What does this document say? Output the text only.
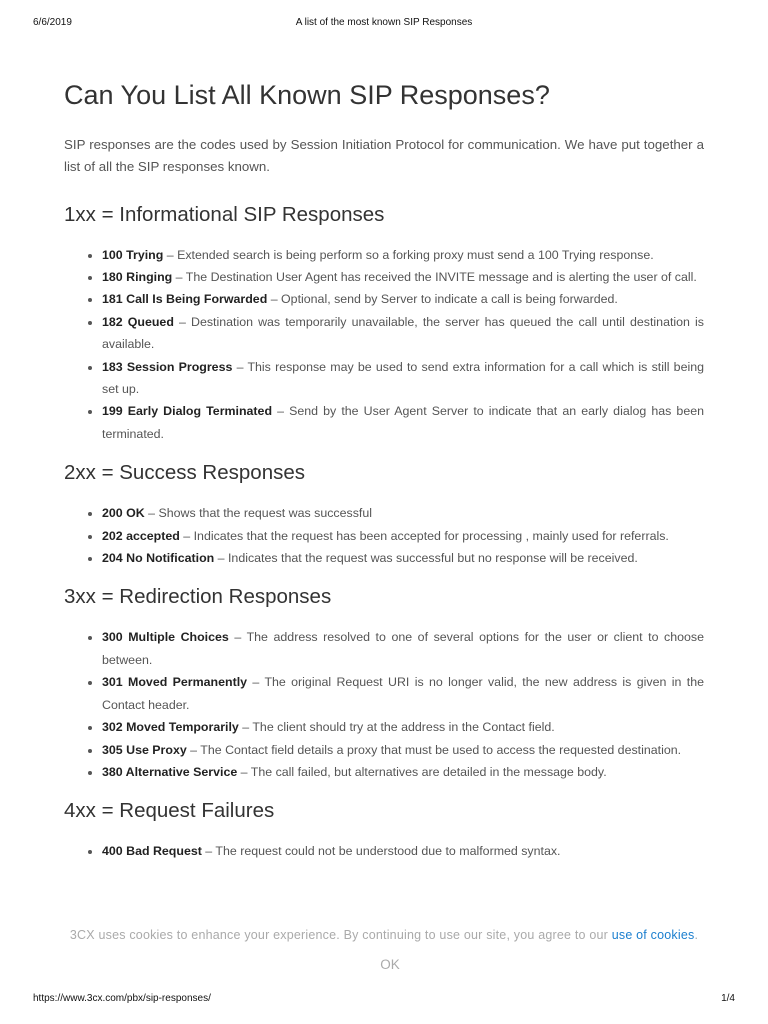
6/6/2019	A list of the most known SIP Responses
Can You List All Known SIP Responses?

SIP responses are the codes used by Session Initiation Protocol for communication. We have put together a list of all the SIP responses known.

1xx = Informational SIP Responses
• 100 Trying – Extended search is being perform so a forking proxy must send a 100 Trying response.
• 180 Ringing – The Destination User Agent has received the INVITE message and is alerting the user of call.
• 181 Call Is Being Forwarded – Optional, send by Server to indicate a call is being forwarded.
• 182 Queued – Destination was temporarily unavailable, the server has queued the call until destination is available.
• 183 Session Progress – This response may be used to send extra information for a call which is still being set up.
• 199 Early Dialog Terminated – Send by the User Agent Server to indicate that an early dialog has been terminated.
2xx = Success Responses
• 200 OK – Shows that the request was successful
• 202 accepted – Indicates that the request has been accepted for processing , mainly used for referrals.
• 204 No Notification – Indicates that the request was successful but no response will be received.
3xx = Redirection Responses
• 300 Multiple Choices – The address resolved to one of several options for the user or client to choose between.
• 301 Moved Permanently – The original Request URI is no longer valid, the new address is given in the Contact header.
• 302 Moved Temporarily – The client should try at the address in the Contact field.
• 305 Use Proxy – The Contact field details a proxy that must be used to access the requested destination.
• 380 Alternative Service – The call failed, but alternatives are detailed in the message body.
4xx = Request Failures
• 400 Bad Request – The request could not be understood due to malformed syntax.
3CX uses cookies to enhance your experience. By continuing to use our site, you agree to our use of cookies.
OK
https://www.3cx.com/pbx/sip-responses/	1/4
